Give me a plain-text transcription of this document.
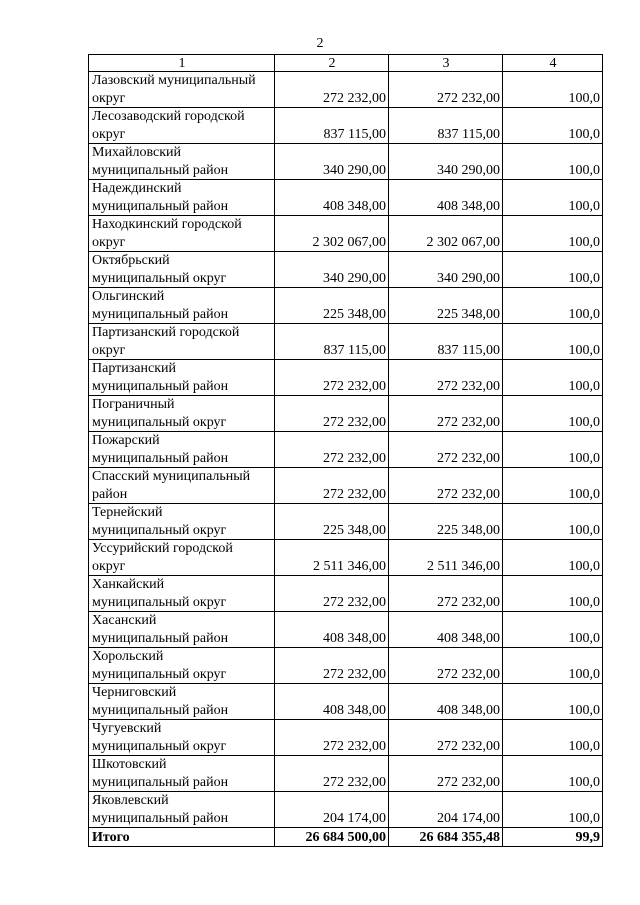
2
1	2	3	4

Лазовский муниципальный
округ	272 232,00	272 232,00	100,0

Лесозаводский городской
округ	837 115,00	837 115,00	100,0

Михайловский
муниципальный район	340 290,00	340 290,00	100,0

Надеждинский
муниципальный район	408 348,00	408 348,00	100,0

Находкинский городской
округ	2 302 067,00	2 302 067,00	100,0

Октябрьский
муниципальный округ	340 290,00	340 290,00	100,0

Ольгинский
муниципальный район	225 348,00	225 348,00	100,0

Партизанский городской
округ	837 115,00	837 115,00	100,0

Партизанский
муниципальный район	272 232,00	272 232,00	100,0

Пограничный
муниципальный округ	272 232,00	272 232,00	100,0

Пожарский
муниципальный район	272 232,00	272 232,00	100,0

Спасский муниципальный
район	272 232,00	272 232,00	100,0

Тернейский
муниципальный округ	225 348,00	225 348,00	100,0

Уссурийский городской
округ	2 511 346,00	2 511 346,00	100,0

Ханкайский
муниципальный округ	272 232,00	272 232,00	100,0

Хасанский
муниципальный район	408 348,00	408 348,00	100,0

Хорольский
муниципальный округ	272 232,00	272 232,00	100,0

Черниговский
муниципальный район	408 348,00	408 348,00	100,0

Чугуевский
муниципальный округ	272 232,00	272 232,00	100,0

Шкотовский
муниципальный район	272 232,00	272 232,00	100,0

Яковлевский
муниципальный район	204 174,00	204 174,00	100,0
Итого	26 684 500,00	26 684 355,48	99,9
